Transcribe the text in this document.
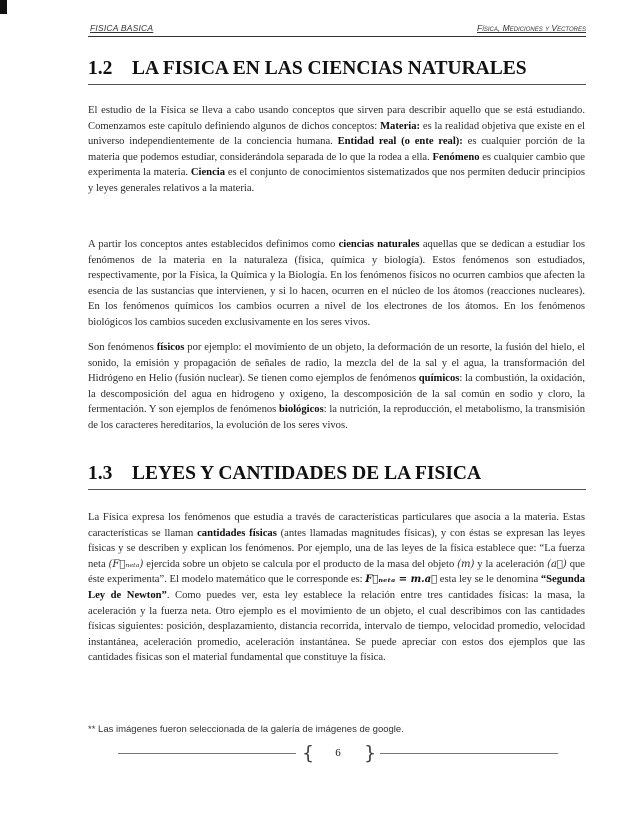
FISICA BASICA	Física, Mediciones y Vectores
1.2 LA FISICA EN LAS CIENCIAS NATURALES

El estudio de la Física se lleva a cabo usando conceptos que sirven para describir aquello que se está estudiando. Comenzamos este capítulo definiendo algunos de dichos conceptos: Materia: es la realidad objetiva que existe en el universo independientemente de la conciencia humana. Entidad real (o ente real): es cualquier porción de la materia que podemos estudiar, considerándola separada de lo que la rodea a ella. Fenómeno es cualquier cambio que experimenta la materia. Ciencia es el conjunto de conocimientos sistematizados que nos permiten deducir principios y leyes generales relativos a la materia.

A partir los conceptos antes establecidos definimos como ciencias naturales aquellas que se dedican a estudiar los fenómenos de la materia en la naturaleza (física, química y biología). Estos fenómenos son estudiados, respectivamente, por la Física, la Química y la Biología. En los fenómenos físicos no ocurren cambios que afecten la esencia de las sustancias que intervienen, y si lo hacen, ocurren en el núcleo de los átomos (reacciones nucleares). En los fenómenos químicos los cambios ocurren a nivel de los electrones de los átomos. En los fenómenos biológicos los cambios suceden exclusivamente en los seres vivos.

Son fenómenos físicos por ejemplo: el movimiento de un objeto, la deformación de un resorte, la fusión del hielo, el sonido, la emisión y propagación de señales de radio, la mezcla del de la sal y el agua, la transformación del Hidrógeno en Helio (fusión nuclear). Se tienen como ejemplos de fenómenos químicos: la combustión, la oxidación, la descomposición del agua en hidrogeno y oxigeno, la descomposición de la sal común en sodio y cloro, la fermentación. Y son ejemplos de fenómenos biológicos: la nutrición, la reproducción, el metabolismo, la transmisión de los caracteres hereditarios, la evolución de los seres vivos.

1.3 LEYES Y CANTIDADES DE LA FISICA

La Física expresa los fenómenos que estudia a través de características particulares que asocia a la materia. Estas características se llaman cantidades físicas (antes llamadas magnitudes físicas), y con éstas se expresan las leyes físicas y se describen y explican los fenómenos. Por ejemplo, una de las leyes de la física establece que: “La fuerza neta (F⃗ₙₑₜₐ) ejercida sobre un objeto se calcula por el producto de la masa del objeto (m) y la aceleración (a⃗) que éste experimenta”. El modelo matemático que le corresponde es: F⃗ₙₑₜₐ = m.a⃗ esta ley se le denomina “Segunda Ley de Newton”. Como puedes ver, esta ley establece la relación entre tres cantidades físicas: la masa, la aceleración y la fuerza neta. Otro ejemplo es el movimiento de un objeto, el cual describimos con las cantidades físicas siguientes: posición, desplazamiento, distancia recorrida, intervalo de tiempo, velocidad promedio, velocidad instantánea, aceleración promedio, aceleración instantánea. Se puede apreciar con estos dos ejemplos que las cantidades físicas son el material fundamental que constituye la física.

** Las imágenes fueron seleccionada de la galería de imágenes de google.
{	6	}
